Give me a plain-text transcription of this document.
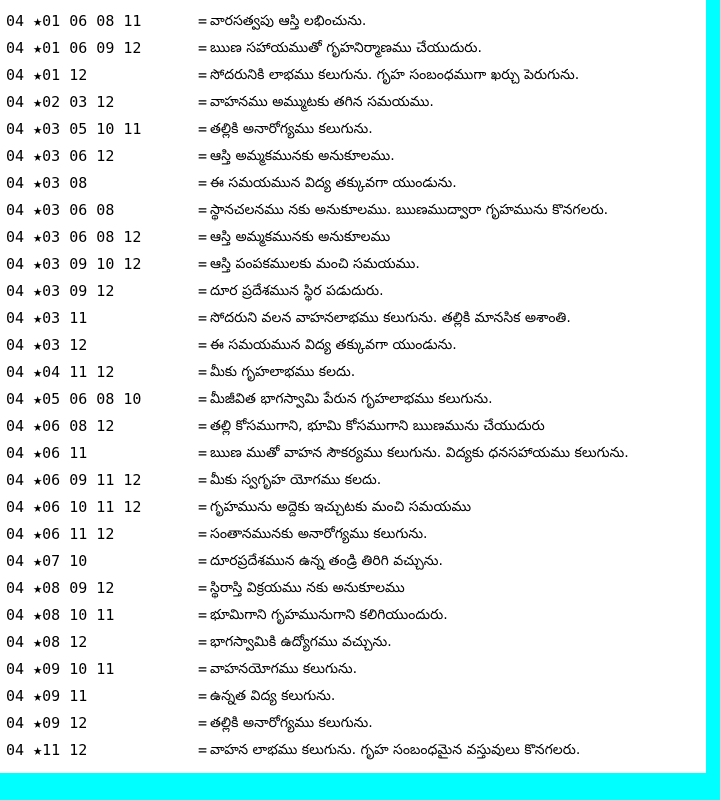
04 ★01 06 08 11	= వారసత్వపు ఆస్తి లభించును.
04 ★01 06 09 12	= ఋణ సహాయముతో గృహనిర్మాణము చేయుదురు.
04 ★01 12	= సోదరునికి లాభము కలుగును. గృహ సంబంధముగా ఖర్చు పెరుగును.
04 ★02 03 12	= వాహనము అమ్ముటకు తగిన సమయము.
04 ★03 05 10 11	= తల్లికి అనారోగ్యము కలుగును.
04 ★03 06 12	= ఆస్తి అమ్మకమునకు అనుకూలము.
04 ★03 08	= ఈ సమయమున విద్య తక్కువగా యుండును.
04 ★03 06 08	= స్థానచలనము నకు అనుకూలము. ఋణముద్వారా గృహమును కొనగలరు.
04 ★03 06 08 12	= ఆస్తి అమ్మకమునకు అనుకూలము
04 ★03 09 10 12	= ఆస్తి పంపకములకు మంచి సమయము.
04 ★03 09 12	= దూర ప్రదేశమున స్థిర పడుదురు.
04 ★03 11	= సోదరుని వలన వాహనలాభము కలుగును. తల్లికి మానసిక అశాంతి.
04 ★03 12	= ఈ సమయమున విద్య తక్కువగా యుండును.
04 ★04 11 12	= మీకు గృహలాభము కలదు.
04 ★05 06 08 10	= మీజీవిత భాగస్వామి పేరున గృహలాభము కలుగును.
04 ★06 08 12	= తల్లి కోసముగాని, భూమి కోసముగాని ఋణమును చేయుదురు
04 ★06 11	= ఋణ ముతో వాహన సౌకర్యము కలుగును. విద్యకు ధనసహాయము కలుగును.
04 ★06 09 11 12	= మీకు స్వగృహ యోగము కలదు.
04 ★06 10 11 12	= గృహమును అద్దెకు ఇచ్చుటకు మంచి సమయము
04 ★06 11 12	= సంతానమునకు అనారోగ్యము కలుగును.
04 ★07 10	= దూరప్రదేశమున ఉన్న తండ్రి తిరిగి వచ్చును.
04 ★08 09 12	= స్థిరాస్తి విక్రయము నకు అనుకూలము
04 ★08 10 11	= భూమిగాని గృహమునుగాని కలిగియుందురు.
04 ★08 12	= భాగస్వామికి ఉద్యోగము వచ్చును.
04 ★09 10 11	= వాహనయోగము కలుగును.
04 ★09 11	= ఉన్నత విద్య కలుగును.
04 ★09 12	= తల్లికి అనారోగ్యము కలుగును.
04 ★11 12	= వాహన లాభము కలుగును. గృహ సంబంధమైన వస్తువులు కొనగలరు.
